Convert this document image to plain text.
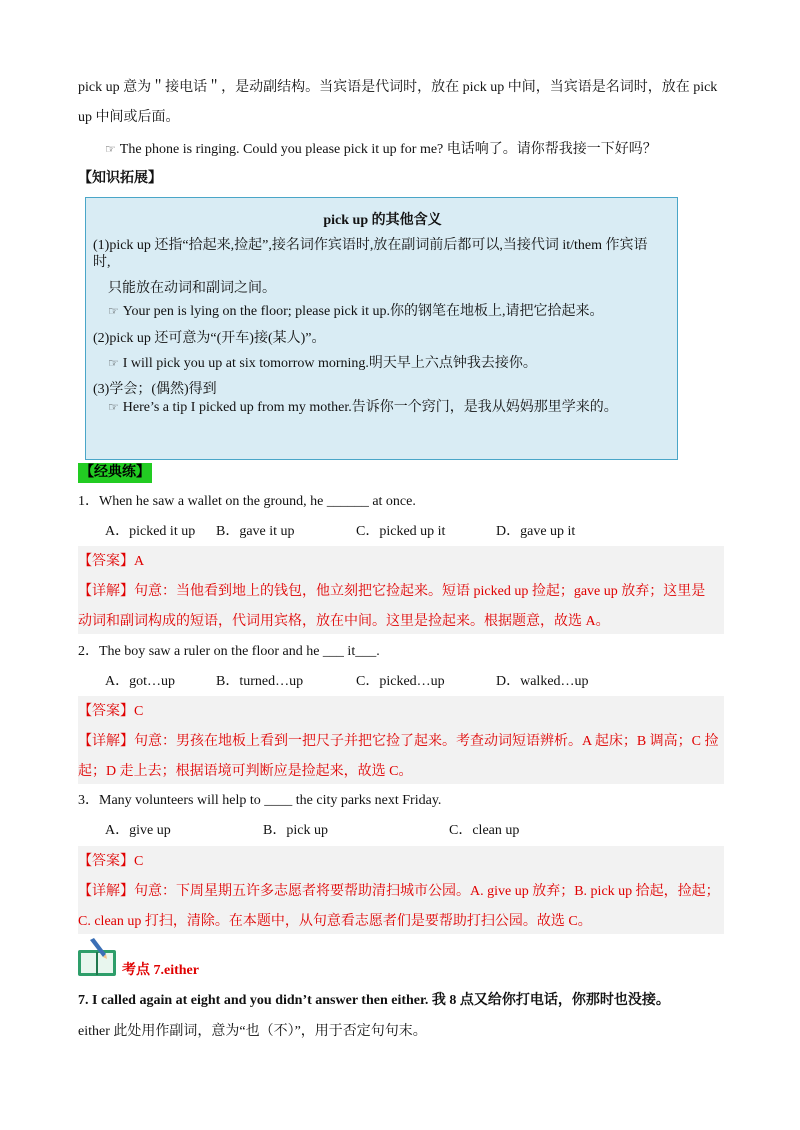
pick up 意为＂接电话＂，是动副结构。当宾语是代词时，放在 pick up 中间，当宾语是名词时，放在 pick
up 中间或后面。
☞ The phone is ringing. Could you please pick it up for me? 电话响了。请你帮我接一下好吗？
【知识拓展】
pick up 的其他含义
(1)pick up 还指“拾起来,捡起”,接名词作宾语时,放在副词前后都可以,当接代词 it/them 作宾语
时,
只能放在动词和副词之间。
☞ Your pen is lying on the floor; please pick it up.你的钢笔在地板上,请把它拾起来。
(2)pick up 还可意为“(开车)接(某人)”。
☞ I will pick you up at six tomorrow morning.明天早上六点钟我去接你。
(3)学会；(偶然)得到
☞ Here’s a tip I picked up from my mother.告诉你一个窍门，是我从妈妈那里学来的。
【经典练】
1．When he saw a wallet on the ground, he ______ at once.
A．picked it up B．gave it up	C．picked up it	D．gave up it
【答案】A
【详解】句意：当他看到地上的钱包，他立刻把它捡起来。短语 picked up 捡起；gave up 放弃；这里是
动词和副词构成的短语，代词用宾格，放在中间。这里是捡起来。根据题意，故选 A。
2．The boy saw a ruler on the floor and he ___ it___.
A．got…up	B．turned…up	C．picked…up	D．walked…up
【答案】C
【详解】句意：男孩在地板上看到一把尺子并把它捡了起来。考查动词短语辨析。A 起床；B 调高；C 捡
起；D 走上去；根据语境可判断应是捡起来，故选 C。
3．Many volunteers will help to ____ the city parks next Friday.
A．give up	B．pick up	C．clean up
【答案】C
【详解】句意：下周星期五许多志愿者将要帮助清扫城市公园。A. give up 放弃；B. pick up 拾起，捡起；
C. clean up 打扫，清除。在本题中，从句意看志愿者们是要帮助打扫公园。故选 C。
考点 7.either
7. I called again at eight and you didn’t answer then either. 我 8 点又给你打电话，你那时也没接。
either 此处用作副词，意为“也（不）”，用于否定句句末。
